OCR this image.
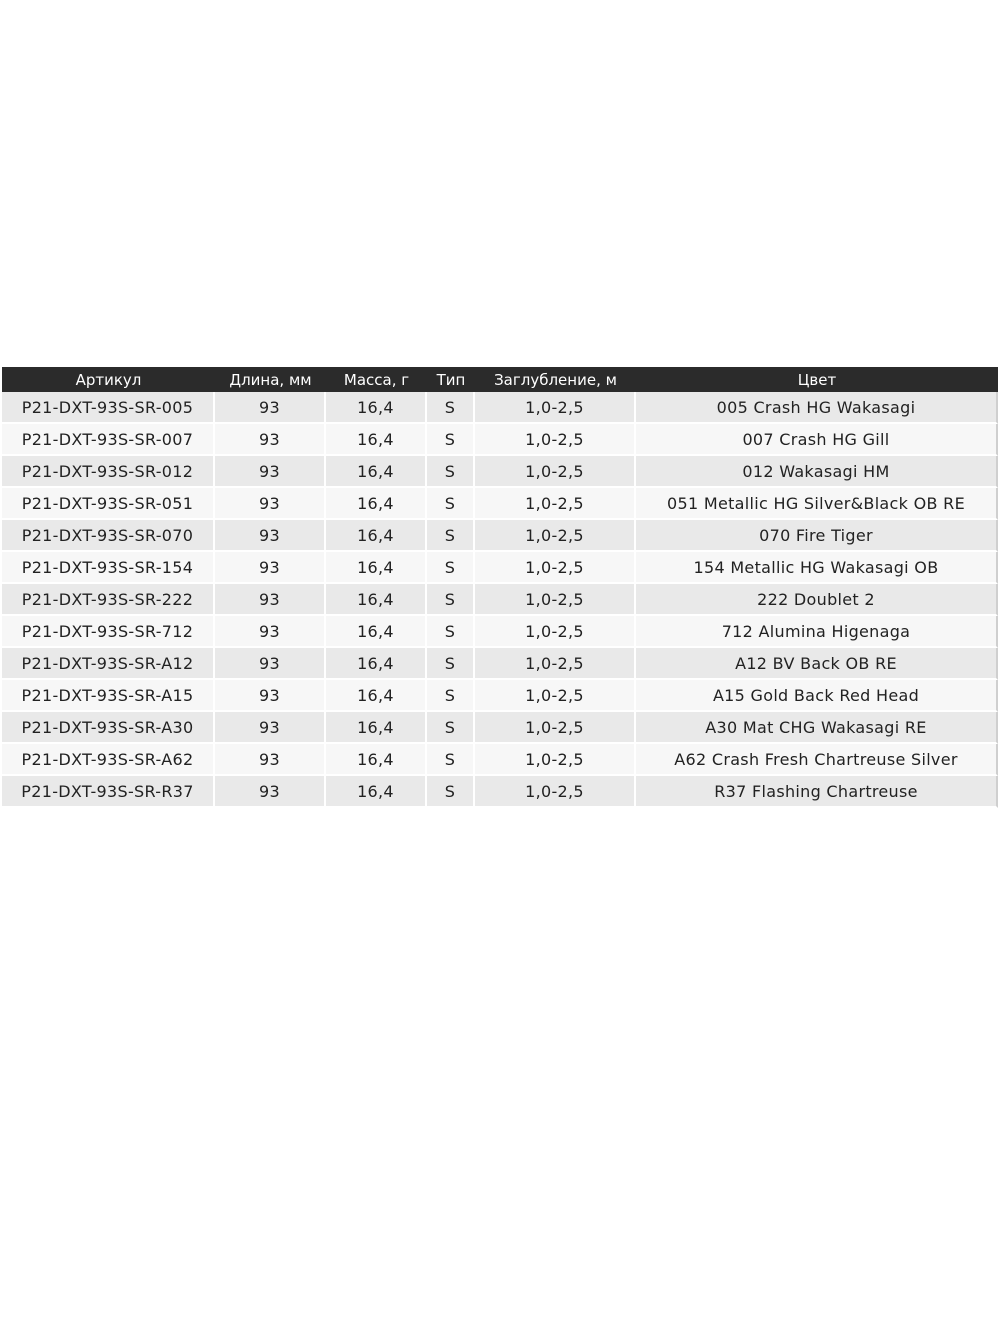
Артикул	Длина, мм	Масса, г	Тип	Заглубление, м	Цвет
P21-DXT-93S-SR-005	93	16,4	S	1,0-2,5	005 Crash HG Wakasagi
P21-DXT-93S-SR-007	93	16,4	S	1,0-2,5	007 Crash HG Gill
P21-DXT-93S-SR-012	93	16,4	S	1,0-2,5	012 Wakasagi HM
P21-DXT-93S-SR-051	93	16,4	S	1,0-2,5	051 Metallic HG Silver&Black OB RE
P21-DXT-93S-SR-070	93	16,4	S	1,0-2,5	070 Fire Tiger
P21-DXT-93S-SR-154	93	16,4	S	1,0-2,5	154 Metallic HG Wakasagi OB
P21-DXT-93S-SR-222	93	16,4	S	1,0-2,5	222 Doublet 2
P21-DXT-93S-SR-712	93	16,4	S	1,0-2,5	712 Alumina Higenaga
P21-DXT-93S-SR-A12	93	16,4	S	1,0-2,5	A12 BV Back OB RE
P21-DXT-93S-SR-A15	93	16,4	S	1,0-2,5	A15 Gold Back Red Head
P21-DXT-93S-SR-A30	93	16,4	S	1,0-2,5	A30 Mat CHG Wakasagi RE
P21-DXT-93S-SR-A62	93	16,4	S	1,0-2,5	A62 Crash Fresh Chartreuse Silver
P21-DXT-93S-SR-R37	93	16,4	S	1,0-2,5	R37 Flashing Chartreuse
